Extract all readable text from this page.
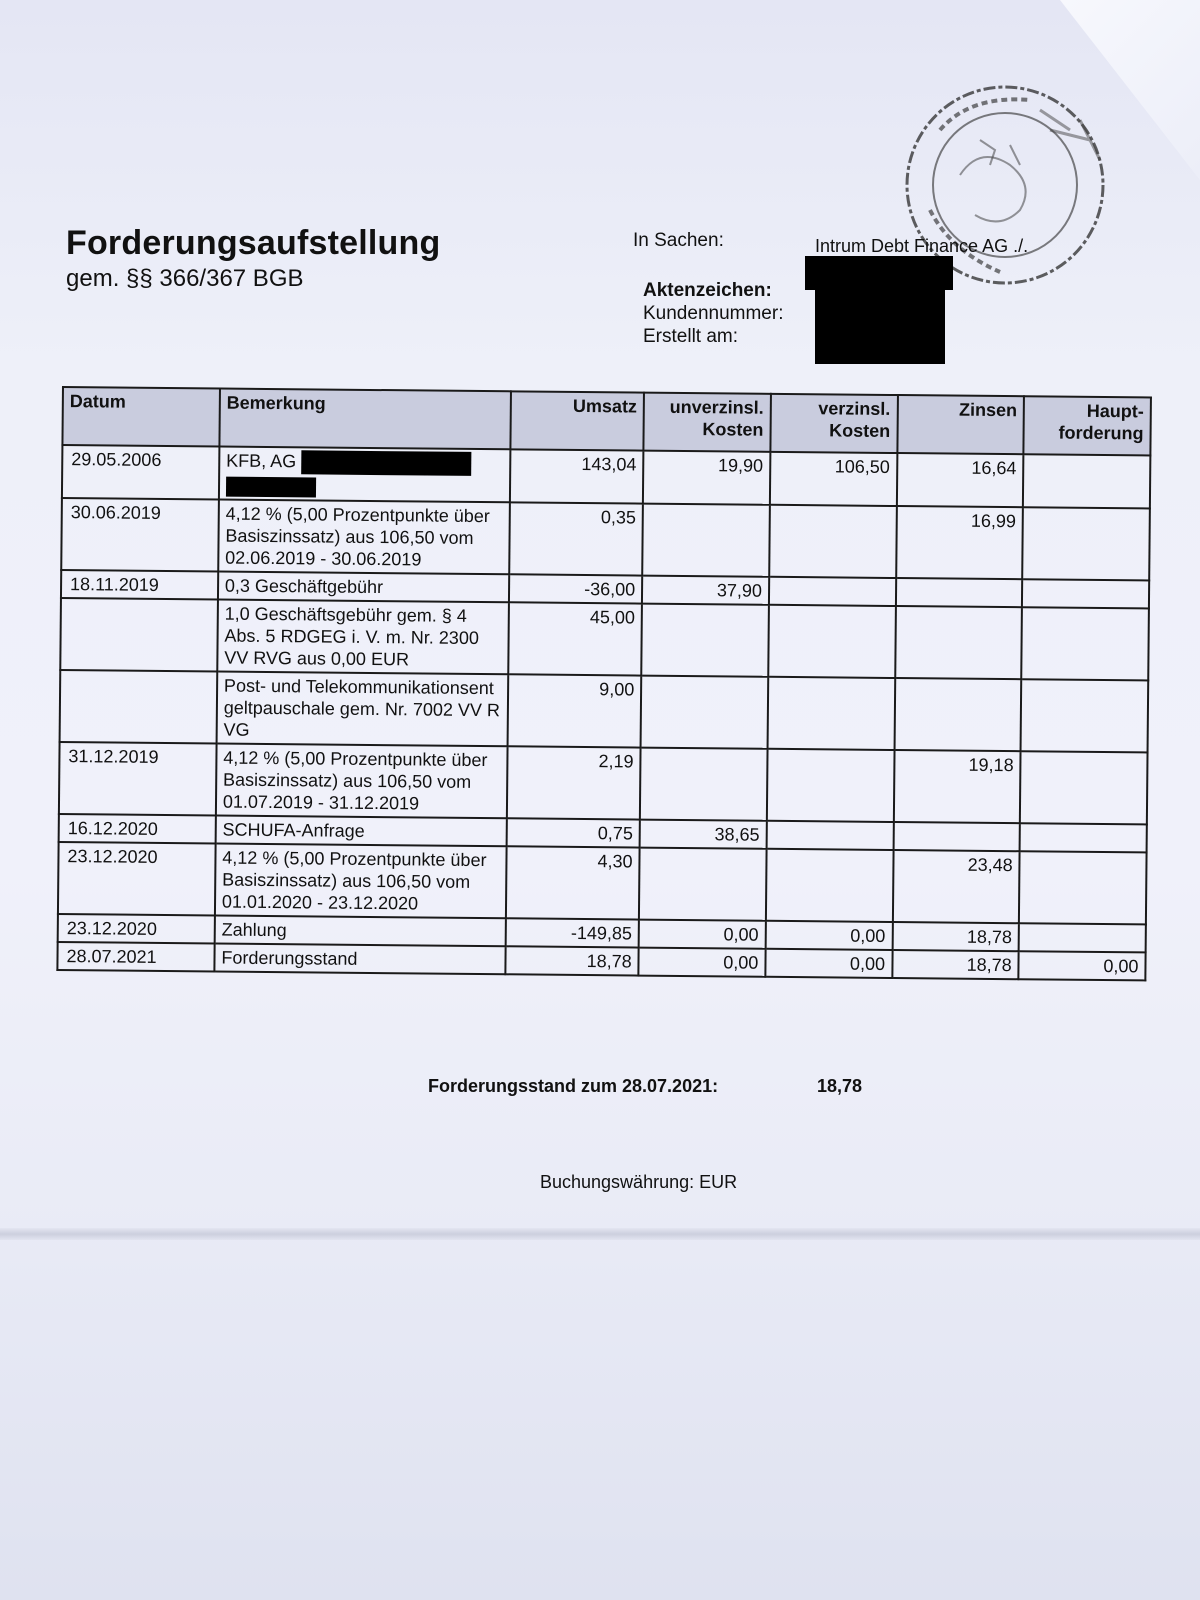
Forderungsaufstellung
gem. §§ 366/367 BGB
In Sachen:	Intrum Debt Finance AG ./.
Aktenzeichen:
Kundennummer:
Erstellt am:
Datum	Bemerkung	Umsatz	unverzinsl. Kosten	verzinsl. Kosten	Zinsen	Haupt-forderung
29.05.2006	KFB, AG	143,04	19,90	106,50	16,64	
30.06.2019	4,12 % (5,00 Prozentpunkte über Basiszinssatz) aus 106,50 vom 02.06.2019 - 30.06.2019	0,35			16,99	
18.11.2019	0,3 Geschäftgebühr	-36,00	37,90			
	1,0 Geschäftsgebühr gem. § 4 Abs. 5 RDGEG i. V. m. Nr. 2300 VV RVG aus 0,00 EUR	45,00				
	Post- und Telekommunikationsentgeltpauschale gem. Nr. 7002 VV RVG	9,00				
31.12.2019	4,12 % (5,00 Prozentpunkte über Basiszinssatz) aus 106,50 vom 01.07.2019 - 31.12.2019	2,19			19,18	
16.12.2020	SCHUFA-Anfrage	0,75	38,65			
23.12.2020	4,12 % (5,00 Prozentpunkte über Basiszinssatz) aus 106,50 vom 01.01.2020 - 23.12.2020	4,30			23,48	
23.12.2020	Zahlung	-149,85	0,00	0,00	18,78	
28.07.2021	Forderungsstand	18,78	0,00	0,00	18,78	0,00
Forderungsstand zum 28.07.2021:	18,78
Buchungswährung: EUR
